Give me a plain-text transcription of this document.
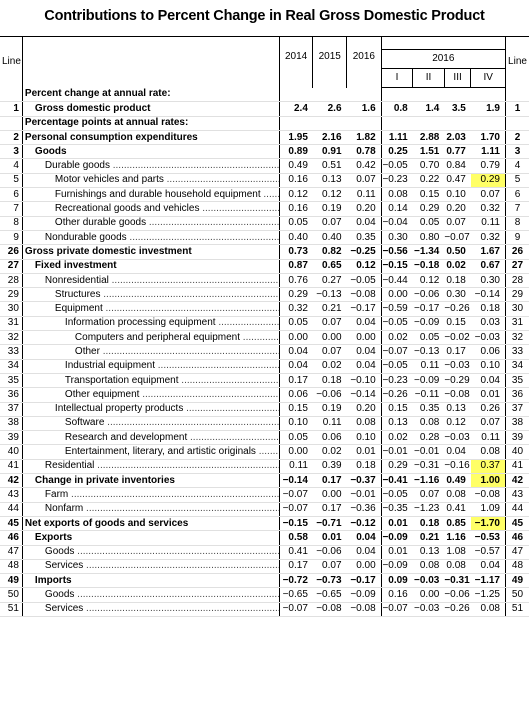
Contributions to Percent Change in Real Gross Domestic Product
Line		2014	2015	2016					Line
					2016				
					I	II	III	IV	
	Percent change at annual rate:								
1	Gross domestic product	2.4	2.6	1.6	0.8	1.4	3.5	1.9	1
	Percentage points at annual rates:								
2	Personal consumption expenditures	1.95	2.16	1.82	1.11	2.88	2.03	1.70	2
3	Goods	0.89	0.91	0.78	0.25	1.51	0.77	1.11	3
4	Durable goods .....	0.49	0.51	0.42	−0.05	0.70	0.84	0.79	4
5	Motor vehicles and parts .....	0.16	0.13	0.07	−0.23	0.22	0.47	0.29	5
6	Furnishings and durable household equipment .....	0.12	0.12	0.11	0.08	0.15	0.10	0.07	6
7	Recreational goods and vehicles .....	0.16	0.19	0.20	0.14	0.29	0.20	0.32	7
8	Other durable goods .....	0.05	0.07	0.04	−0.04	0.05	0.07	0.11	8
9	Nondurable goods .....	0.40	0.40	0.35	0.30	0.80	−0.07	0.32	9
26	Gross private domestic investment	0.73	0.82	−0.25	−0.56	−1.34	0.50	1.67	26
27	Fixed investment	0.87	0.65	0.12	−0.15	−0.18	0.02	0.67	27
28	Nonresidential .....	0.76	0.27	−0.05	−0.44	0.12	0.18	0.30	28
29	Structures .....	0.29	−0.13	−0.08	0.00	−0.06	0.30	−0.14	29
30	Equipment .....	0.32	0.21	−0.17	−0.59	−0.17	−0.26	0.18	30
31	Information processing equipment .....	0.05	0.07	0.04	−0.05	−0.09	0.15	0.03	31
32	Computers and peripheral equipment .....	0.00	0.00	0.00	0.02	0.05	−0.02	−0.03	32
33	Other .....	0.04	0.07	0.04	−0.07	−0.13	0.17	0.06	33
34	Industrial equipment .....	0.04	0.02	0.04	−0.05	0.11	−0.03	0.10	34
35	Transportation equipment .....	0.17	0.18	−0.10	−0.23	−0.09	−0.29	0.04	35
36	Other equipment .....	0.06	−0.06	−0.14	−0.26	−0.11	−0.08	0.01	36
37	Intellectual property products .....	0.15	0.19	0.20	0.15	0.35	0.13	0.26	37
38	Software .....	0.10	0.11	0.08	0.13	0.08	0.12	0.07	38
39	Research and development .....	0.05	0.06	0.10	0.02	0.28	−0.03	0.11	39
40	Entertainment, literary, and artistic originals .....	0.00	0.02	0.01	−0.01	−0.01	0.04	0.08	40
41	Residential .....	0.11	0.39	0.18	0.29	−0.31	−0.16	0.37	41
42	Change in private inventories	−0.14	0.17	−0.37	−0.41	−1.16	0.49	1.00	42
43	Farm .....	−0.07	0.00	−0.01	−0.05	0.07	0.08	−0.08	43
44	Nonfarm .....	−0.07	0.17	−0.36	−0.35	−1.23	0.41	1.09	44
45	Net exports of goods and services	−0.15	−0.71	−0.12	0.01	0.18	0.85	−1.70	45
46	Exports	0.58	0.01	0.04	−0.09	0.21	1.16	−0.53	46
47	Goods .....	0.41	−0.06	0.04	0.01	0.13	1.08	−0.57	47
48	Services .....	0.17	0.07	0.00	−0.09	0.08	0.08	0.04	48
49	Imports	−0.72	−0.73	−0.17	0.09	−0.03	−0.31	−1.17	49
50	Goods .....	−0.65	−0.65	−0.09	0.16	0.00	−0.06	−1.25	50
51	Services .....	−0.07	−0.08	−0.08	−0.07	−0.03	−0.26	0.08	51
